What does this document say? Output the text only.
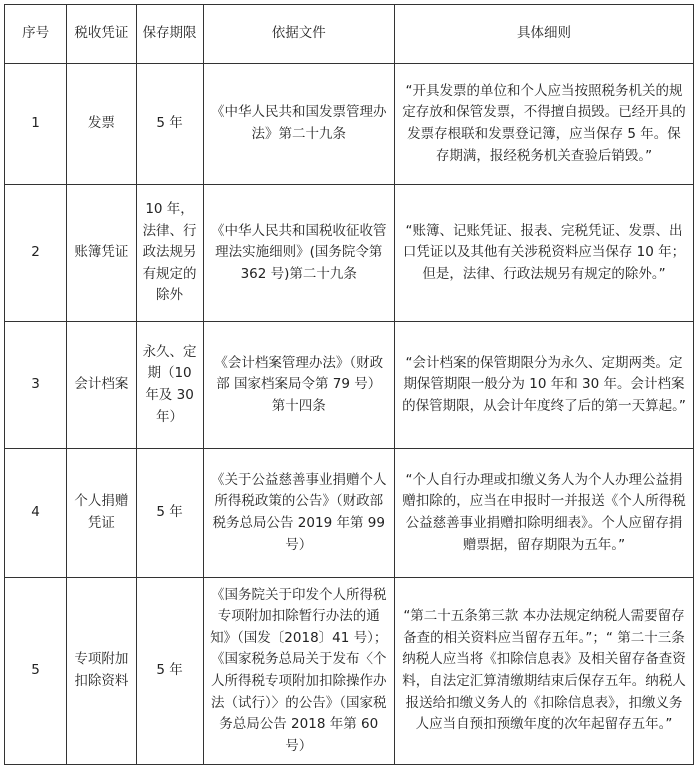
序号	税收凭证	保存期限	依据文件	具体细则
1	发票	5 年	《中华人民共和国发票管理办法》第二十九条	“开具发票的单位和个人应当按照税务机关的规定存放和保管发票，不得擅自损毁。已经开具的发票存根联和发票登记簿，应当保存 5 年。保存期满，报经税务机关查验后销毁。”
2	账簿凭证	10 年，法律、行政法规另有规定的除外	《中华人民共和国税收征收管理法实施细则》(国务院令第 362 号)第二十九条	“账簿、记账凭证、报表、完税凭证、发票、出口凭证以及其他有关涉税资料应当保存 10 年；但是，法律、行政法规另有规定的除外。”
3	会计档案	永久、定期（10 年及 30 年）	《会计档案管理办法》（财政部 国家档案局令第 79 号）第十四条	“会计档案的保管期限分为永久、定期两类。定期保管期限一般分为 10 年和 30 年。会计档案的保管期限，从会计年度终了后的第一天算起。”
4	个人捐赠凭证	5 年	《关于公益慈善事业捐赠个人所得税政策的公告》（财政部 税务总局公告 2019 年第 99 号）	“个人自行办理或扣缴义务人为个人办理公益捐赠扣除的，应当在申报时一并报送《个人所得税公益慈善事业捐赠扣除明细表》。个人应留存捐赠票据，留存期限为五年。”
5	专项附加扣除资料	5 年	《国务院关于印发个人所得税专项附加扣除暂行办法的通知》（国发〔2018〕41 号）；《国家税务总局关于发布〈个人所得税专项附加扣除操作办法（试行）〉的公告》（国家税务总局公告 2018 年第 60 号）	“第二十五条第三款 本办法规定纳税人需要留存备查的相关资料应当留存五年。”；“ 第二十三条 纳税人应当将《扣除信息表》及相关留存备查资料，自法定汇算清缴期结束后保存五年。纳税人报送给扣缴义务人的《扣除信息表》，扣缴义务人应当自预扣预缴年度的次年起留存五年。”
